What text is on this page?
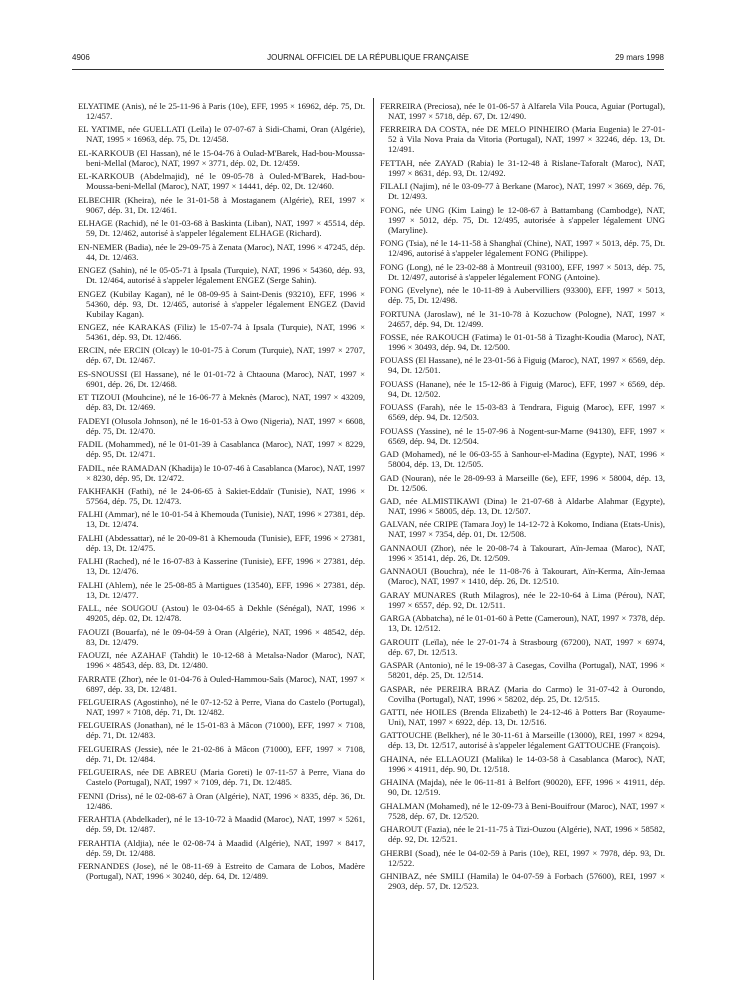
4906	JOURNAL OFFICIEL DE LA RÉPUBLIQUE FRANÇAISE	29 mars 1998

ELYATIME (Anis), né le 25-11-96 à Paris (10e), EFF, 1995 × 16962, dép. 75, Dt. 12/457.

EL YATIME, née GUELLATI (Leïla) le 07-07-67 à Sidi-Chami, Oran (Algérie), NAT, 1995 × 16963, dép. 75, Dt. 12/458.

EL-KARKOUB (El Hassan), né le 15-04-76 à Oulad-M'Barek, Had-bou-Moussa-beni-Mellal (Maroc), NAT, 1997 × 3771, dép. 02, Dt. 12/459.

EL-KARKOUB (Abdelmajid), né le 09-05-78 à Ouled-M'Barek, Had-bou-Moussa-beni-Mellal (Maroc), NAT, 1997 × 14441, dép. 02, Dt. 12/460.

ELBECHIR (Kheira), née le 31-01-58 à Mostaganem (Algérie), REI, 1997 × 9067, dép. 31, Dt. 12/461.

ELHAGE (Rachid), né le 01-03-68 à Baskinta (Liban), NAT, 1997 × 45514, dép. 59, Dt. 12/462, autorisé à s'appeler légalement ELHAGE (Richard).

EN-NEMER (Badia), née le 29-09-75 à Zenata (Maroc), NAT, 1996 × 47245, dép. 44, Dt. 12/463.

ENGEZ (Sahin), né le 05-05-71 à Ipsala (Turquie), NAT, 1996 × 54360, dép. 93, Dt. 12/464, autorisé à s'appeler légalement ENGEZ (Serge Sahin).

ENGEZ (Kubilay Kagan), né le 08-09-95 à Saint-Denis (93210), EFF, 1996 × 54360, dép. 93, Dt. 12/465, autorisé à s'appeler légalement ENGEZ (David Kubilay Kagan).

ENGEZ, née KARAKAS (Filiz) le 15-07-74 à Ipsala (Turquie), NAT, 1996 × 54361, dép. 93, Dt. 12/466.

ERCIN, née ERCIN (Olcay) le 10-01-75 à Corum (Turquie), NAT, 1997 × 2707, dép. 67, Dt. 12/467.

ES-SNOUSSI (El Hassane), né le 01-01-72 à Chtaouna (Maroc), NAT, 1997 × 6901, dép. 26, Dt. 12/468.

ET TIZOUI (Mouhcine), né le 16-06-77 à Meknès (Maroc), NAT, 1997 × 43209, dép. 83, Dt. 12/469.

FADEYI (Olusola Johnson), né le 16-01-53 à Owo (Nigeria), NAT, 1997 × 6608, dép. 75, Dt. 12/470.

FADIL (Mohammed), né le 01-01-39 à Casablanca (Maroc), NAT, 1997 × 8229, dép. 95, Dt. 12/471.

FADIL, née RAMADAN (Khadija) le 10-07-46 à Casablanca (Maroc), NAT, 1997 × 8230, dép. 95, Dt. 12/472.

FAKHFAKH (Fathi), né le 24-06-65 à Sakiet-Eddaïr (Tunisie), NAT, 1996 × 57564, dép. 75, Dt. 12/473.

FALHI (Ammar), né le 10-01-54 à Khemouda (Tunisie), NAT, 1996 × 27381, dép. 13, Dt. 12/474.

FALHI (Abdessattar), né le 20-09-81 à Khemouda (Tunisie), EFF, 1996 × 27381, dép. 13, Dt. 12/475.

FALHI (Rached), né le 16-07-83 à Kasserine (Tunisie), EFF, 1996 × 27381, dép. 13, Dt. 12/476.

FALHI (Ahlem), née le 25-08-85 à Martigues (13540), EFF, 1996 × 27381, dép. 13, Dt. 12/477.

FALL, née SOUGOU (Astou) le 03-04-65 à Dekhle (Sénégal), NAT, 1996 × 49205, dép. 02, Dt. 12/478.

FAOUZI (Bouarfa), né le 09-04-59 à Oran (Algérie), NAT, 1996 × 48542, dép. 83, Dt. 12/479.

FAOUZI, née AZAHAF (Tahdit) le 10-12-68 à Metalsa-Nador (Maroc), NAT, 1996 × 48543, dép. 83, Dt. 12/480.

FARRATE (Zhor), née le 01-04-76 à Ouled-Hammou-Saïs (Maroc), NAT, 1997 × 6897, dép. 33, Dt. 12/481.

FELGUEIRAS (Agostinho), né le 07-12-52 à Perre, Viana do Castelo (Portugal), NAT, 1997 × 7108, dép. 71, Dt. 12/482.

FELGUEIRAS (Jonathan), né le 15-01-83 à Mâcon (71000), EFF, 1997 × 7108, dép. 71, Dt. 12/483.

FELGUEIRAS (Jessie), née le 21-02-86 à Mâcon (71000), EFF, 1997 × 7108, dép. 71, Dt. 12/484.

FELGUEIRAS, née DE ABREU (Maria Goreti) le 07-11-57 à Perre, Viana do Castelo (Portugal), NAT, 1997 × 7109, dép. 71, Dt. 12/485.

FENNI (Driss), né le 02-08-67 à Oran (Algérie), NAT, 1996 × 8335, dép. 36, Dt. 12/486.

FERAHTIA (Abdelkader), né le 13-10-72 à Maadid (Maroc), NAT, 1997 × 5261, dép. 59, Dt. 12/487.

FERAHTIA (Aldjia), née le 02-08-74 à Maadid (Algérie), NAT, 1997 × 8417, dép. 59, Dt. 12/488.

FERNANDES (Jose), né le 08-11-69 à Estreito de Camara de Lobos, Madère (Portugal), NAT, 1996 × 30240, dép. 64, Dt. 12/489.

FERREIRA (Preciosa), née le 01-06-57 à Alfarela Vila Pouca, Aguiar (Portugal), NAT, 1997 × 5718, dép. 67, Dt. 12/490.

FERREIRA DA COSTA, née DE MELO PINHEIRO (Maria Eugenia) le 27-01-52 à Vila Nova Praia da Vitoria (Portugal), NAT, 1997 × 32246, dép. 13, Dt. 12/491.

FETTAH, née ZAYAD (Rabia) le 31-12-48 à Rislane-Taforalt (Maroc), NAT, 1997 × 8631, dép. 93, Dt. 12/492.

FILALI (Najim), né le 03-09-77 à Berkane (Maroc), NAT, 1997 × 3669, dép. 76, Dt. 12/493.

FONG, née UNG (Kim Laing) le 12-08-67 à Battambang (Cambodge), NAT, 1997 × 5012, dép. 75, Dt. 12/495, autorisée à s'appeler légalement UNG (Maryline).

FONG (Tsia), né le 14-11-58 à Shanghaï (Chine), NAT, 1997 × 5013, dép. 75, Dt. 12/496, autorisé à s'appeler légalement FONG (Philippe).

FONG (Long), né le 23-02-88 à Montreuil (93100), EFF, 1997 × 5013, dép. 75, Dt. 12/497, autorisé à s'appeler légalement FONG (Antoine).

FONG (Evelyne), née le 10-11-89 à Aubervilliers (93300), EFF, 1997 × 5013, dép. 75, Dt. 12/498.

FORTUNA (Jaroslaw), né le 31-10-78 à Kozuchow (Pologne), NAT, 1997 × 24657, dép. 94, Dt. 12/499.

FOSSE, née RAKOUCH (Fatima) le 01-01-58 à Tizaght-Koudia (Maroc), NAT, 1996 × 30493, dép. 94, Dt. 12/500.

FOUASS (El Hassane), né le 23-01-56 à Figuig (Maroc), NAT, 1997 × 6569, dép. 94, Dt. 12/501.

FOUASS (Hanane), née le 15-12-86 à Figuig (Maroc), EFF, 1997 × 6569, dép. 94, Dt. 12/502.

FOUASS (Farah), née le 15-03-83 à Tendrara, Figuig (Maroc), EFF, 1997 × 6569, dép. 94, Dt. 12/503.

FOUASS (Yassine), né le 15-07-96 à Nogent-sur-Marne (94130), EFF, 1997 × 6569, dép. 94, Dt. 12/504.

GAD (Mohamed), né le 06-03-55 à Sanhour-el-Madina (Egypte), NAT, 1996 × 58004, dép. 13, Dt. 12/505.

GAD (Nouran), née le 28-09-93 à Marseille (6e), EFF, 1996 × 58004, dép. 13, Dt. 12/506.

GAD, née ALMISTIKAWI (Dina) le 21-07-68 à Aldarbe Alahmar (Egypte), NAT, 1996 × 58005, dép. 13, Dt. 12/507.

GALVAN, née CRIPE (Tamara Joy) le 14-12-72 à Kokomo, Indiana (Etats-Unis), NAT, 1997 × 7354, dép. 01, Dt. 12/508.

GANNAOUI (Zhor), née le 20-08-74 à Takourart, Aïn-Jemaa (Maroc), NAT, 1996 × 35141, dép. 26, Dt. 12/509.

GANNAOUI (Bouchra), née le 11-08-76 à Takourart, Aïn-Kerma, Aïn-Jemaa (Maroc), NAT, 1997 × 1410, dép. 26, Dt. 12/510.

GARAY MUNARES (Ruth Milagros), née le 22-10-64 à Lima (Pérou), NAT, 1997 × 6557, dép. 92, Dt. 12/511.

GARGA (Abbatcha), né le 01-01-60 à Pette (Cameroun), NAT, 1997 × 7378, dép. 13, Dt. 12/512.

GAROUIT (Leïla), née le 27-01-74 à Strasbourg (67200), NAT, 1997 × 6974, dép. 67, Dt. 12/513.

GASPAR (Antonio), né le 19-08-37 à Casegas, Covilha (Portugal), NAT, 1996 × 58201, dép. 25, Dt. 12/514.

GASPAR, née PEREIRA BRAZ (Maria do Carmo) le 31-07-42 à Ourondo, Covilha (Portugal), NAT, 1996 × 58202, dép. 25, Dt. 12/515.

GATTI, née HOILES (Brenda Elizabeth) le 24-12-46 à Potters Bar (Royaume-Uni), NAT, 1997 × 6922, dép. 13, Dt. 12/516.

GATTOUCHE (Belkher), né le 30-11-61 à Marseille (13000), REI, 1997 × 8294, dép. 13, Dt. 12/517, autorisé à s'appeler légalement GATTOUCHE (François).

GHAINA, née ELLAOUZI (Malika) le 14-03-58 à Casablanca (Maroc), NAT, 1996 × 41911, dép. 90, Dt. 12/518.

GHAINA (Majda), née le 06-11-81 à Belfort (90020), EFF, 1996 × 41911, dép. 90, Dt. 12/519.

GHALMAN (Mohamed), né le 12-09-73 à Beni-Bouifrour (Maroc), NAT, 1997 × 7528, dép. 67, Dt. 12/520.

GHAROUT (Fazia), née le 21-11-75 à Tizi-Ouzou (Algérie), NAT, 1996 × 58582, dép. 92, Dt. 12/521.

GHERBI (Soad), née le 04-02-59 à Paris (10e), REI, 1997 × 7978, dép. 93, Dt. 12/522.

GHNIBAZ, née SMILI (Hamila) le 04-07-59 à Forbach (57600), REI, 1997 × 2903, dép. 57, Dt. 12/523.
